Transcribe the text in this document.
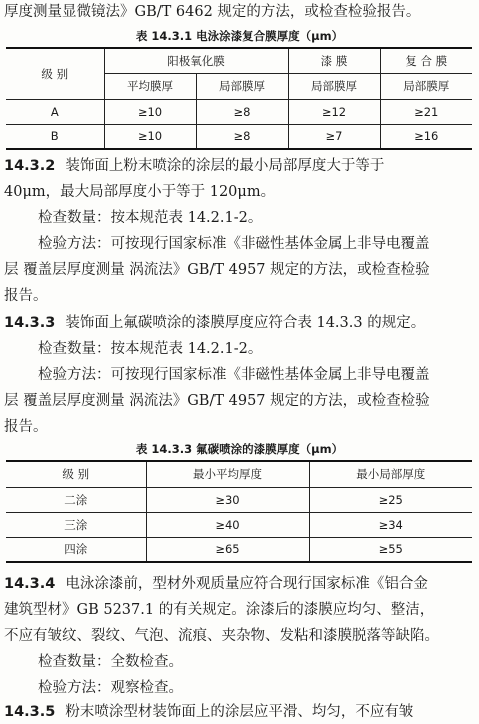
厚度测量显微镜法》GB/T 6462 规定的方法，或检查检验报告。
表 14.3.1 电泳涂漆复合膜厚度（μm）
级 别	阳极氧化膜		漆 膜	复 合 膜
	平均膜厚	局部膜厚	局部膜厚	局部膜厚
A	≥10	≥8	≥12	≥21
B	≥10	≥8	≥7	≥16
14.3.2 装饰面上粉末喷涂的涂层的最小局部厚度大于等于
40μm，最大局部厚度小于等于 120μm。
检查数量：按本规范表 14.2.1-2。
检验方法：可按现行国家标准《非磁性基体金属上非导电覆盖
层 覆盖层厚度测量 涡流法》GB/T 4957 规定的方法，或检查检验
报告。
14.3.3 装饰面上氟碳喷涂的漆膜厚度应符合表 14.3.3 的规定。
检查数量：按本规范表 14.2.1-2。
检验方法：可按现行国家标准《非磁性基体金属上非导电覆盖
层 覆盖层厚度测量 涡流法》GB/T 4957 规定的方法，或检查检验
报告。
表 14.3.3 氟碳喷涂的漆膜厚度（μm）
级 别	最小平均厚度	最小局部厚度
二涂	≥30	≥25
三涂	≥40	≥34
四涂	≥65	≥55
14.3.4 电泳涂漆前，型材外观质量应符合现行国家标准《铝合金
建筑型材》GB 5237.1 的有关规定。涂漆后的漆膜应均匀、整洁，
不应有皱纹、裂纹、气泡、流痕、夹杂物、发粘和漆膜脱落等缺陷。
检查数量：全数检查。
检验方法：观察检查。
14.3.5 粉末喷涂型材装饰面上的涂层应平滑、均匀，不应有皱
